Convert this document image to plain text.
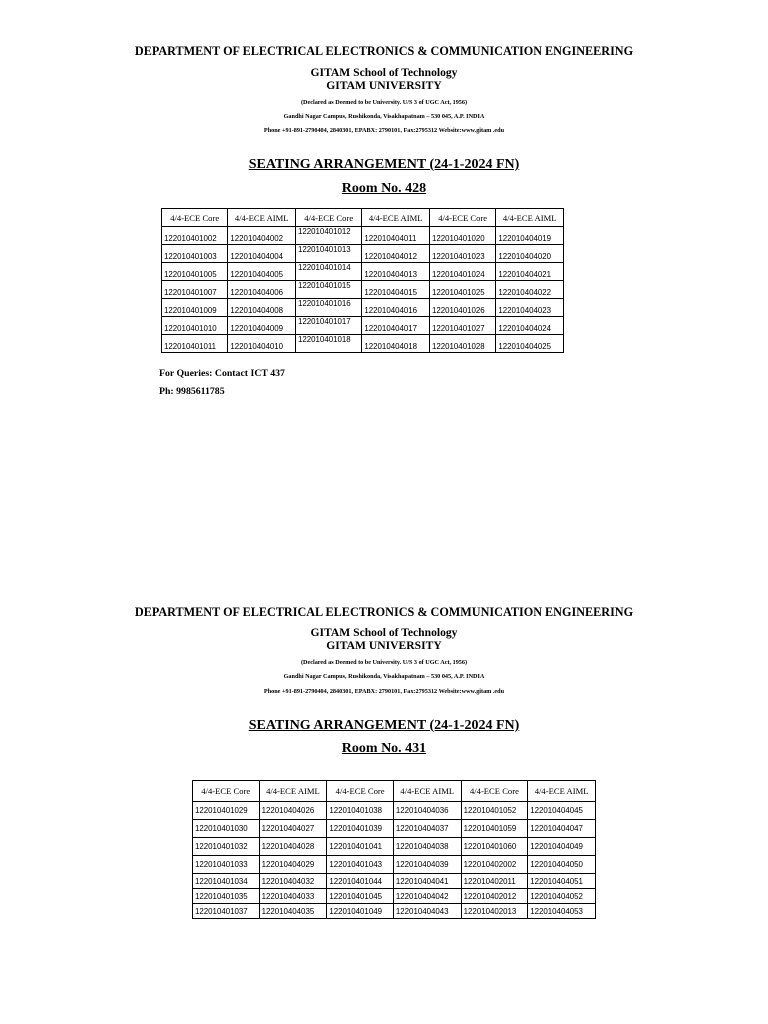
DEPARTMENT OF ELECTRICAL ELECTRONICS & COMMUNICATION ENGINEERING
GITAM School of Technology
GITAM UNIVERSITY
(Declared as Deemed to be University. U/S 3 of UGC Act, 1956)
Gandhi Nagar Campus, Rushikonda, Visakhapatnam – 530 045, A.P. INDIA
Phone +91-891-2790404, 2840301, EPABX: 2790101, Fax:2795312 Website:www.gitam .edu
SEATING ARRANGEMENT (24-1-2024 FN)
Room No. 428
4/4-ECE Core	4/4-ECE AIML	4/4-ECE Core	4/4-ECE AIML	4/4-ECE Core	4/4-ECE AIML
122010401002	122010404002	122010401012	122010404011	122010401020	122010404019
122010401003	122010404004	122010401013	122010404012	122010401023	122010404020
122010401005	122010404005	122010401014	122010404013	122010401024	122010404021
122010401007	122010404006	122010401015	122010404015	122010401025	122010404022
122010401009	122010404008	122010401016	122010404016	122010401026	122010404023
122010401010	122010404009	122010401017	122010404017	122010401027	122010404024
122010401011	122010404010	122010401018	122010404018	122010401028	122010404025
For Queries: Contact ICT 437
Ph: 9985611785
DEPARTMENT OF ELECTRICAL ELECTRONICS & COMMUNICATION ENGINEERING
GITAM School of Technology
GITAM UNIVERSITY
(Declared as Deemed to be University. U/S 3 of UGC Act, 1956)
Gandhi Nagar Campus, Rushikonda, Visakhapatnam – 530 045, A.P. INDIA
Phone +91-891-2790404, 2840301, EPABX: 2790101, Fax:2795312 Website:www.gitam .edu
SEATING ARRANGEMENT (24-1-2024 FN)
Room No. 431
4/4-ECE Core	4/4-ECE AIML	4/4-ECE Core	4/4-ECE AIML	4/4-ECE Core	4/4-ECE AIML
122010401029	122010404026	122010401038	122010404036	122010401052	122010404045
122010401030	122010404027	122010401039	122010404037	122010401059	122010404047
122010401032	122010404028	122010401041	122010404038	122010401060	122010404049
122010401033	122010404029	122010401043	122010404039	122010402002	122010404050
122010401034	122010404032	122010401044	122010404041	122010402011	122010404051
122010401035	122010404033	122010401045	122010404042	122010402012	122010404052
122010401037	122010404035	122010401049	122010404043	122010402013	122010404053
